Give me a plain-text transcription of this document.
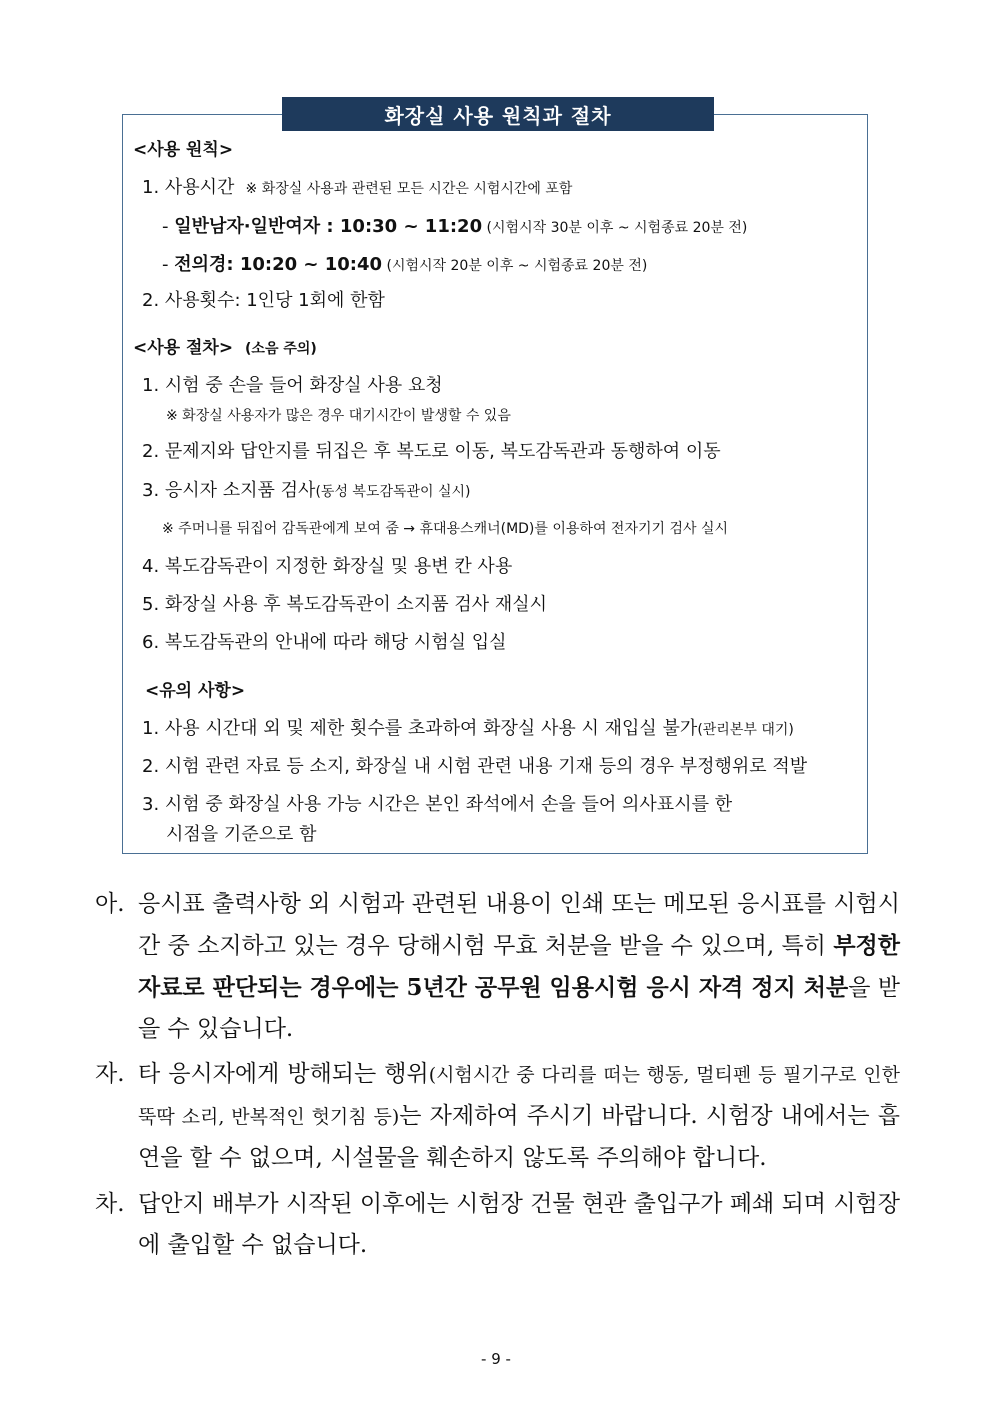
화장실 사용 원칙과 절차
<사용 원칙>
1. 사용시간 ※ 화장실 사용과 관련된 모든 시간은 시험시간에 포함
- 일반남자·일반여자 : 10:30 ~ 11:20 (시험시작 30분 이후 ~ 시험종료 20분 전)
- 전의경: 10:20 ~ 10:40 (시험시작 20분 이후 ~ 시험종료 20분 전)
2. 사용횟수: 1인당 1회에 한함
<사용 절차> (소음 주의)
1. 시험 중 손을 들어 화장실 사용 요청
※ 화장실 사용자가 많은 경우 대기시간이 발생할 수 있음
2. 문제지와 답안지를 뒤집은 후 복도로 이동, 복도감독관과 동행하여 이동
3. 응시자 소지품 검사(동성 복도감독관이 실시)
※ 주머니를 뒤집어 감독관에게 보여 줌 → 휴대용스캐너(MD)를 이용하여 전자기기 검사 실시
4. 복도감독관이 지정한 화장실 및 용변 칸 사용
5. 화장실 사용 후 복도감독관이 소지품 검사 재실시
6. 복도감독관의 안내에 따라 해당 시험실 입실
<유의 사항>
1. 사용 시간대 외 및 제한 횟수를 초과하여 화장실 사용 시 재입실 불가(관리본부 대기)
2. 시험 관련 자료 등 소지, 화장실 내 시험 관련 내용 기재 등의 경우 부정행위로 적발
3. 시험 중 화장실 사용 가능 시간은 본인 좌석에서 손을 들어 의사표시를 한
시점을 기준으로 함
아. 응시표 출력사항 외 시험과 관련된 내용이 인쇄 또는 메모된 응시표를 시험시간 중 소지하고 있는 경우 당해시험 무효 처분을 받을 수 있으며, 특히 부정한 자료로 판단되는 경우에는 5년간 공무원 임용시험 응시 자격 정지 처분을 받을 수 있습니다.
자. 타 응시자에게 방해되는 행위(시험시간 중 다리를 떠는 행동, 멀티펜 등 필기구로 인한 뚝딱 소리, 반복적인 헛기침 등)는 자제하여 주시기 바랍니다. 시험장 내에서는 흡연을 할 수 없으며, 시설물을 훼손하지 않도록 주의해야 합니다.
차. 답안지 배부가 시작된 이후에는 시험장 건물 현관 출입구가 폐쇄 되며 시험장에 출입할 수 없습니다.
- 9 -
